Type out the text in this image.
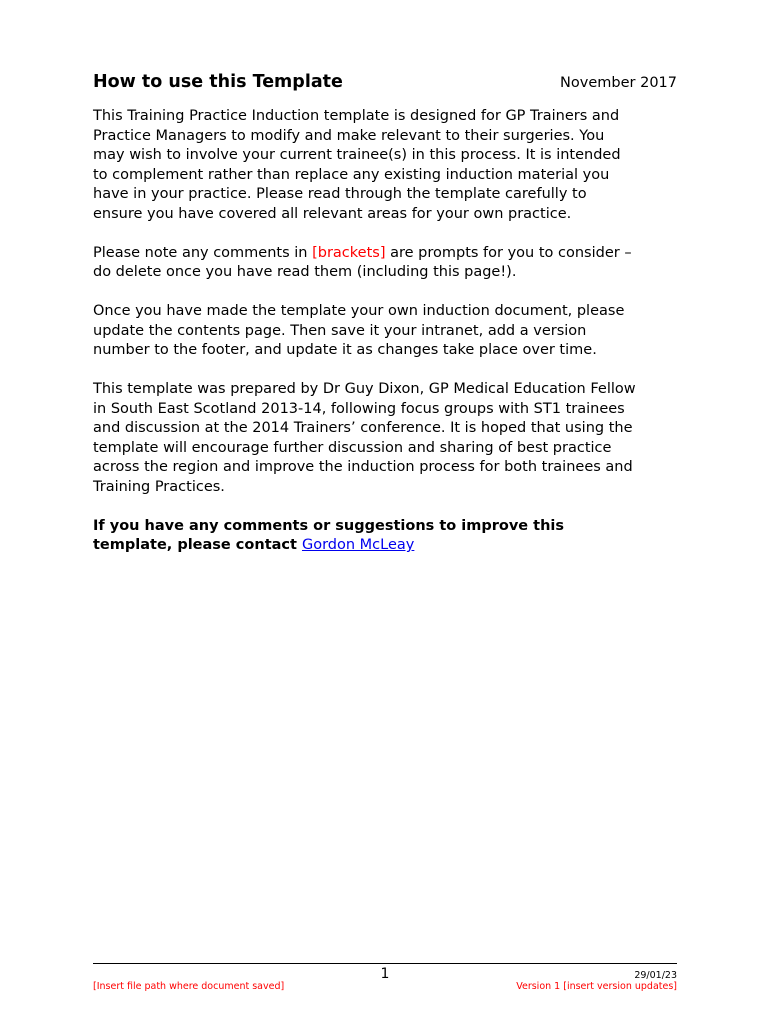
How to use this Template	November 2017

This Training Practice Induction template is designed for GP Trainers and
Practice Managers to modify and make relevant to their surgeries. You
may wish to involve your current trainee(s) in this process. It is intended
to complement rather than replace any existing induction material you
have in your practice. Please read through the template carefully to
ensure you have covered all relevant areas for your own practice.

Please note any comments in [brackets] are prompts for you to consider –
do delete once you have read them (including this page!).

Once you have made the template your own induction document, please
update the contents page. Then save it your intranet, add a version
number to the footer, and update it as changes take place over time.

This template was prepared by Dr Guy Dixon, GP Medical Education Fellow
in South East Scotland 2013-14, following focus groups with ST1 trainees
and discussion at the 2014 Trainers’ conference. It is hoped that using the
template will encourage further discussion and sharing of best practice
across the region and improve the induction process for both trainees and
Training Practices.

If you have any comments or suggestions to improve this
template, please contact Gordon McLeay

1	29/01/23
[Insert file path where document saved]	Version 1 [insert version updates]
